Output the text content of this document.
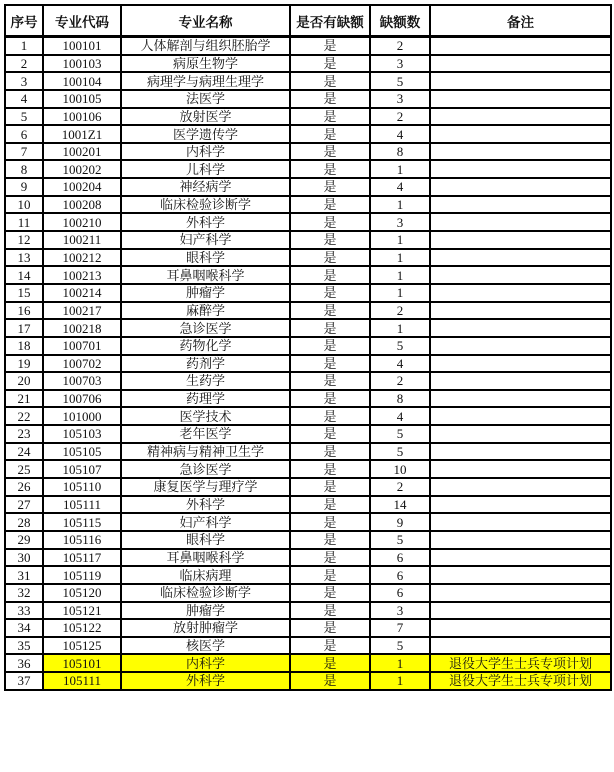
序号	专业代码	专业名称	是否有缺额	缺额数	备注
1	100101	人体解剖与组织胚胎学	是	2	
2	100103	病原生物学	是	3	
3	100104	病理学与病理生理学	是	5	
4	100105	法医学	是	3	
5	100106	放射医学	是	2	
6	1001Z1	医学遗传学	是	4	
7	100201	内科学	是	8	
8	100202	儿科学	是	1	
9	100204	神经病学	是	4	
10	100208	临床检验诊断学	是	1	
11	100210	外科学	是	3	
12	100211	妇产科学	是	1	
13	100212	眼科学	是	1	
14	100213	耳鼻咽喉科学	是	1	
15	100214	肿瘤学	是	1	
16	100217	麻醉学	是	2	
17	100218	急诊医学	是	1	
18	100701	药物化学	是	5	
19	100702	药剂学	是	4	
20	100703	生药学	是	2	
21	100706	药理学	是	8	
22	101000	医学技术	是	4	
23	105103	老年医学	是	5	
24	105105	精神病与精神卫生学	是	5	
25	105107	急诊医学	是	10	
26	105110	康复医学与理疗学	是	2	
27	105111	外科学	是	14	
28	105115	妇产科学	是	9	
29	105116	眼科学	是	5	
30	105117	耳鼻咽喉科学	是	6	
31	105119	临床病理	是	6	
32	105120	临床检验诊断学	是	6	
33	105121	肿瘤学	是	3	
34	105122	放射肿瘤学	是	7	
35	105125	核医学	是	5	
36	105101	内科学	是	1	退役大学生士兵专项计划
37	105111	外科学	是	1	退役大学生士兵专项计划
